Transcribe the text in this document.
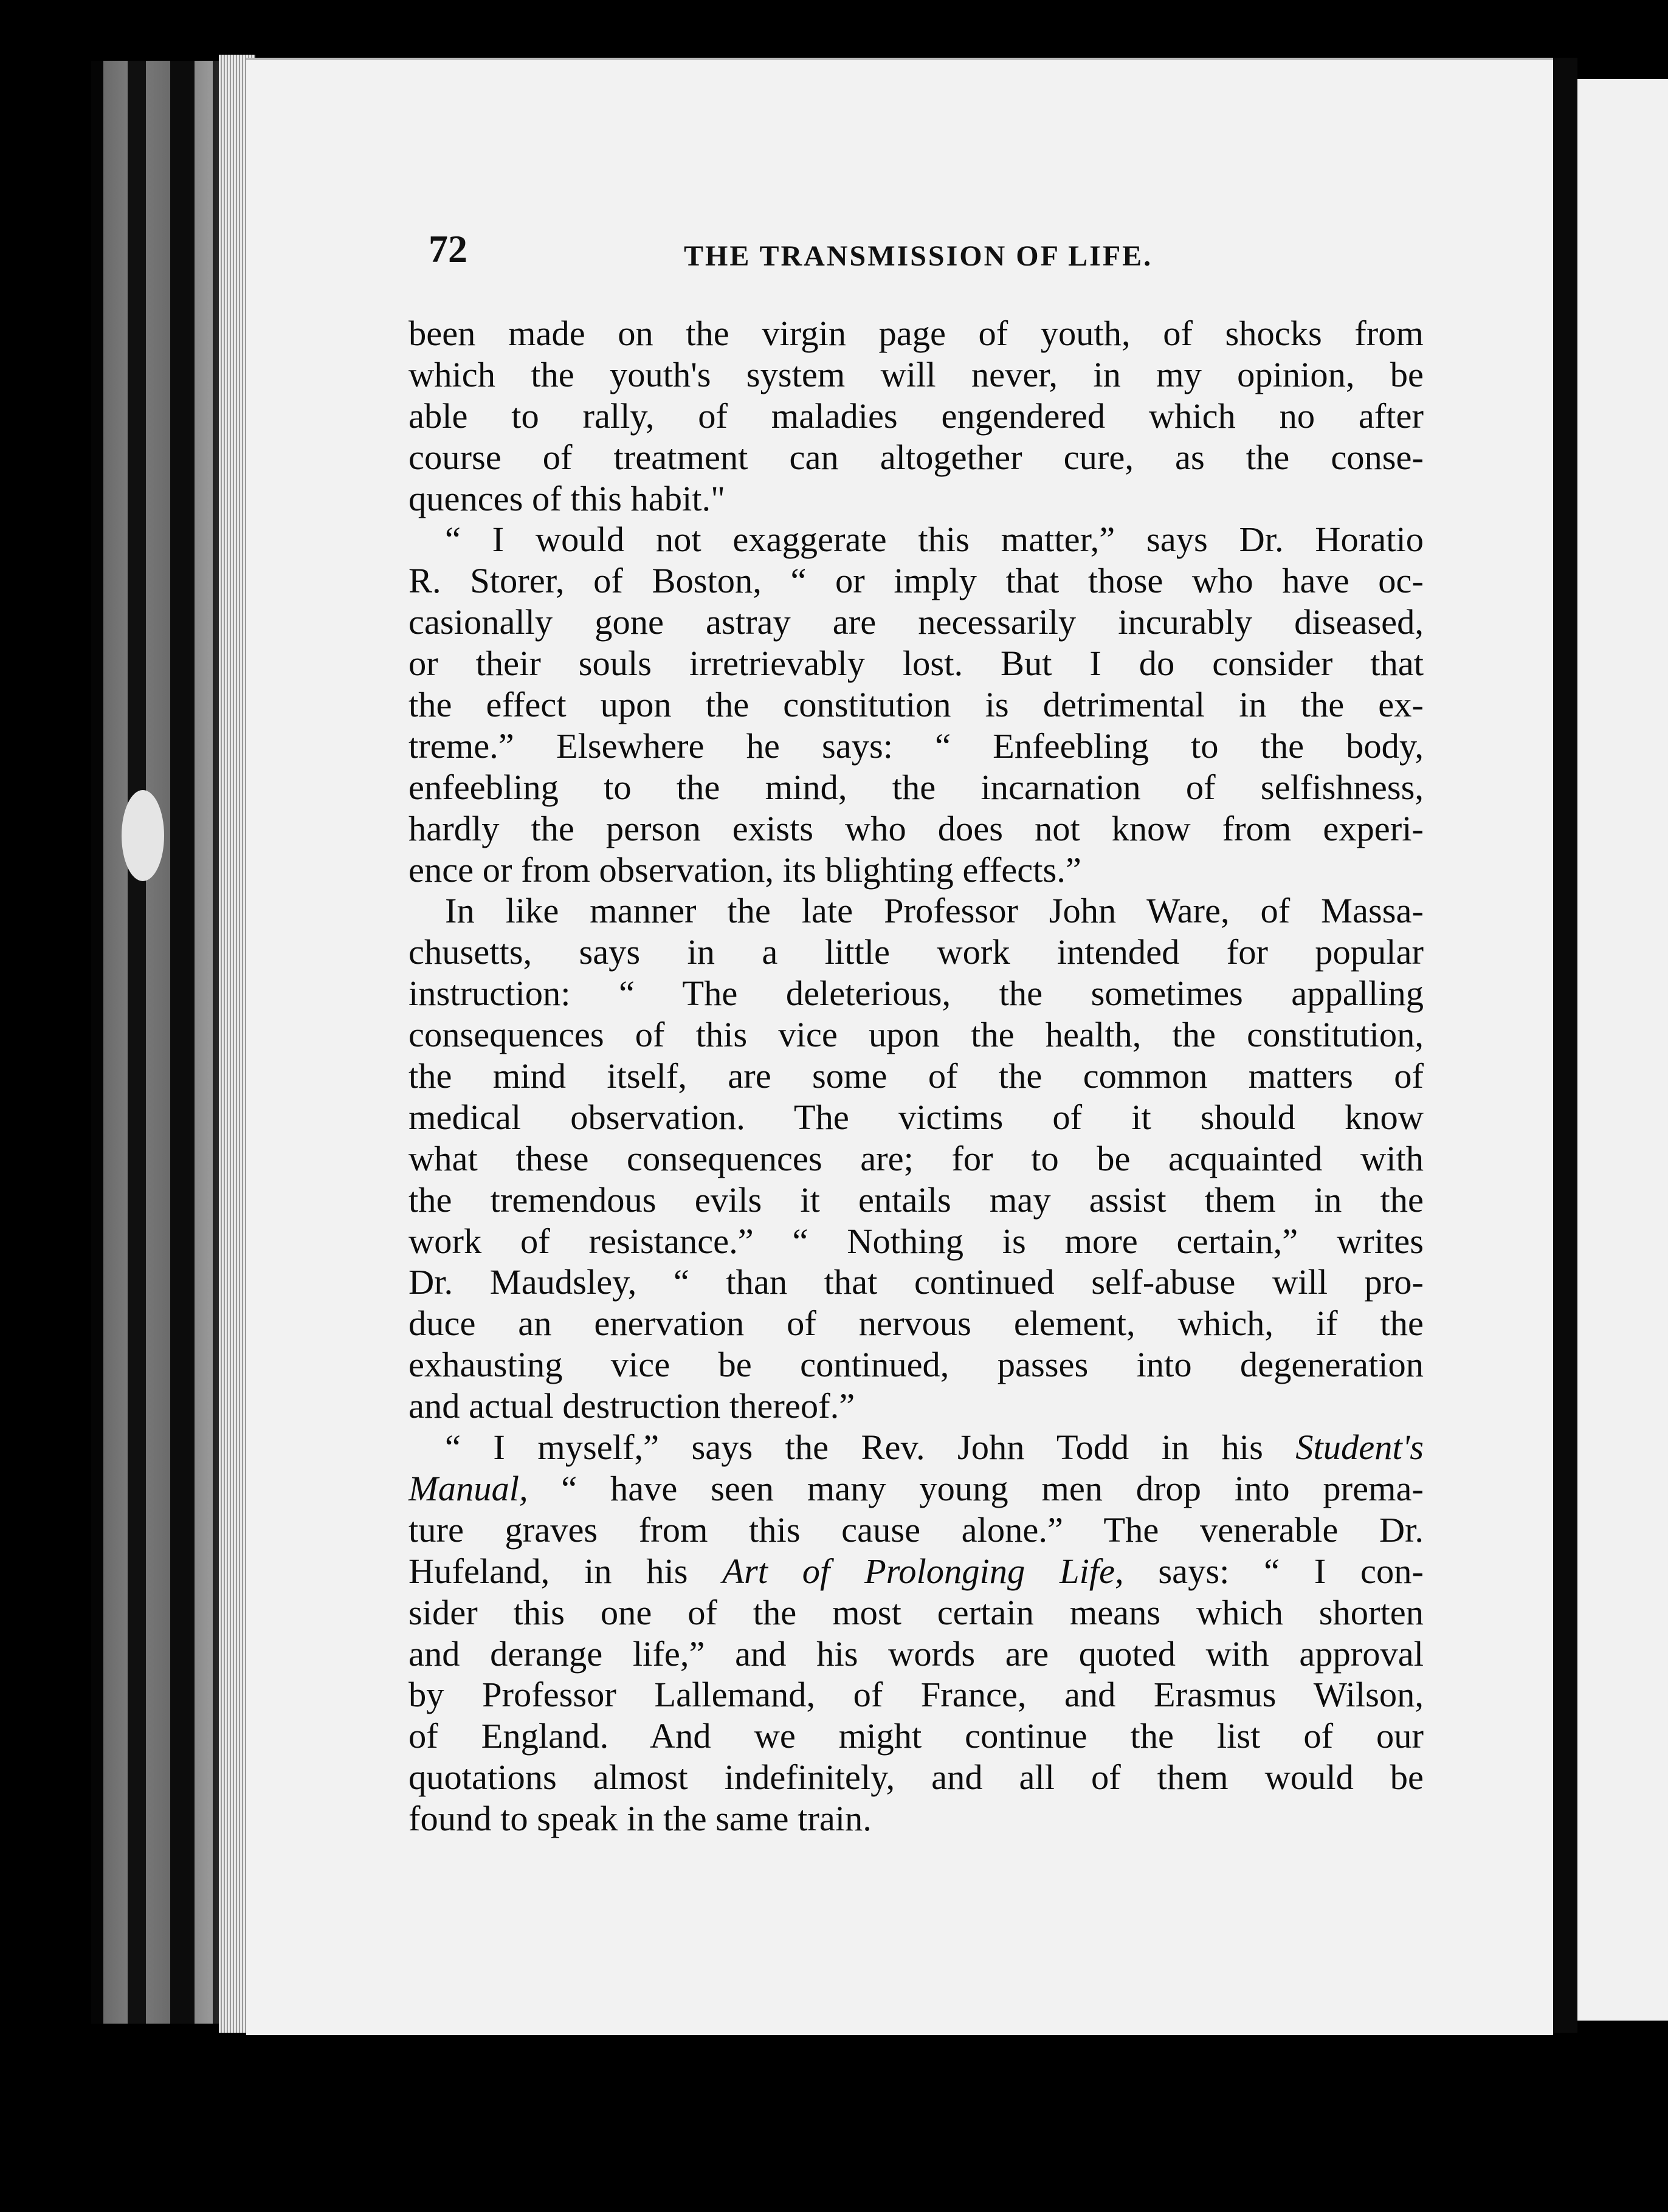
72	THE TRANSMISSION OF LIFE.
been made on the virgin page of youth, of shocks from
which the youth's system will never, in my opinion, be
able to rally, of maladies engendered which no after
course of treatment can altogether cure, as the conse-
quences of this habit."
“ I would not exaggerate this matter,” says Dr. Horatio
R. Storer, of Boston, “ or imply that those who have oc-
casionally gone astray are necessarily incurably diseased,
or their souls irretrievably lost. But I do consider that
the effect upon the constitution is detrimental in the ex-
treme.” Elsewhere he says: “ Enfeebling to the body,
enfeebling to the mind, the incarnation of selfishness,
hardly the person exists who does not know from experi-
ence or from observation, its blighting effects.”
In like manner the late Professor John Ware, of Massa-
chusetts, says in a little work intended for popular
instruction: “ The deleterious, the sometimes appalling
consequences of this vice upon the health, the constitution,
the mind itself, are some of the common matters of
medical observation. The victims of it should know
what these consequences are; for to be acquainted with
the tremendous evils it entails may assist them in the
work of resistance.” “ Nothing is more certain,” writes
Dr. Maudsley, “ than that continued self-abuse will pro-
duce an enervation of nervous element, which, if the
exhausting vice be continued, passes into degeneration
and actual destruction thereof.”
“ I myself,” says the Rev. John Todd in his Student's
Manual, “ have seen many young men drop into prema-
ture graves from this cause alone.” The venerable Dr.
Hufeland, in his Art of Prolonging Life, says: “ I con-
sider this one of the most certain means which shorten
and derange life,” and his words are quoted with approval
by Professor Lallemand, of France, and Erasmus Wilson,
of England. And we might continue the list of our
quotations almost indefinitely, and all of them would be
found to speak in the same train.
